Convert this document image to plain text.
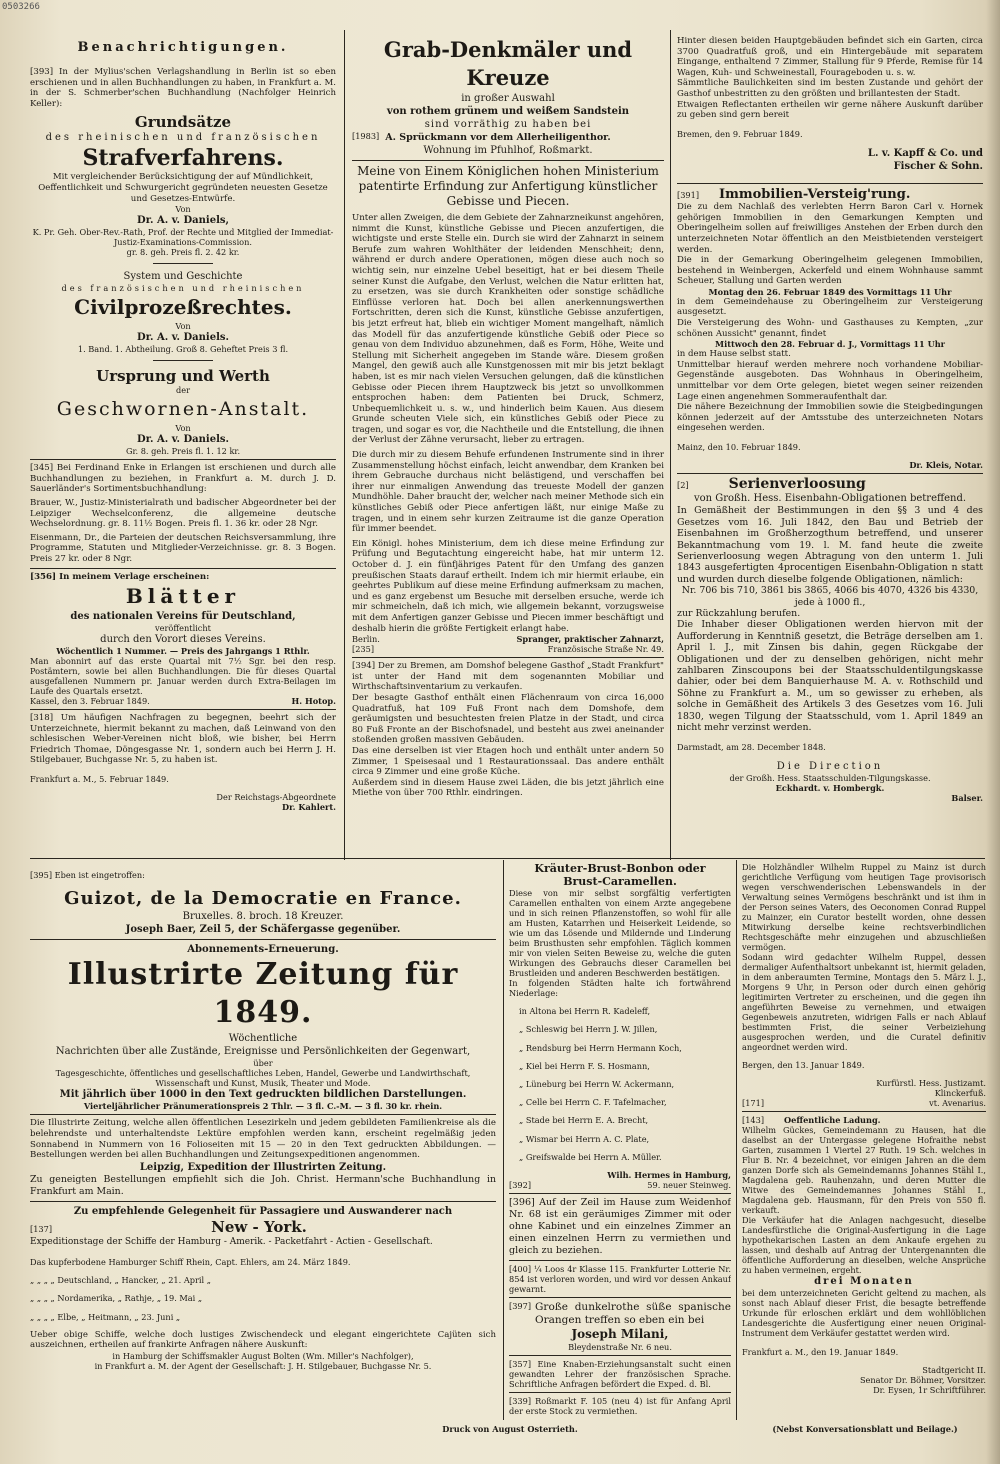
0503266

Benachrichtigungen.

[393] In der Mylius'schen Verlagshandlung in Berlin ist so eben erschienen und in allen Buchhandlungen zu haben, in Frankfurt a. M. in der S. Schmerber'schen Buchhandlung (Nachfolger Heinrich Keller):

Grundsätze

des rheinischen und französischen

Strafverfahrens.

Mit vergleichender Berücksichtigung der auf Mündlichkeit, Oeffentlichkeit und Schwurgericht gegründeten neuesten Gesetze und Gesetzes-Entwürfe.

Von

Dr. A. v. Daniels,

K. Pr. Geh. Ober-Rev.-Rath, Prof. der Rechte und Mitglied der Immediat-Justiz-Examinations-Commission.

gr. 8. geh. Preis fl. 2. 42 kr.

System und Geschichte

des französischen und rheinischen

Civilprozeßrechtes.

Von

Dr. A. v. Daniels.

1. Band. 1. Abtheilung. Groß 8. Geheftet Preis 3 fl.

Ursprung und Werth

der

Geschwornen-Anstalt.

Von

Dr. A. v. Daniels.

Gr. 8. geh. Preis fl. 1. 12 kr.

[345] Bei Ferdinand Enke in Erlangen ist erschienen und durch alle Buchhandlungen zu beziehen, in Frankfurt a. M. durch J. D. Sauerländer's Sortimentsbuchhandlung:

Brauer, W., Justiz-Ministerialrath und badischer Abgeordneter bei der Leipziger Wechselconferenz, die allgemeine deutsche Wechselordnung. gr. 8. 11½ Bogen. Preis fl. 1. 36 kr. oder 28 Ngr.

Eisenmann, Dr., die Parteien der deutschen Reichsversammlung, ihre Programme, Statuten und Mitglieder-Verzeichnisse. gr. 8. 3 Bogen. Preis 27 kr. oder 8 Ngr.

[356] In meinem Verlage erscheinen:

Blätter

des nationalen Vereins für Deutschland,

veröffentlicht

durch den Vorort dieses Vereins.

Wöchentlich 1 Nummer. — Preis des Jahrgangs 1 Rthlr.

Man abonnirt auf das erste Quartal mit 7½ Sgr. bei den resp. Postämtern, sowie bei allen Buchhandlungen. Die für dieses Quartal ausgefallenen Nummern pr. Januar werden durch Extra-Beilagen im Laufe des Quartals ersetzt.

Kassel, den 3. Februar 1849.	H. Hotop.

[318] Um häufigen Nachfragen zu begegnen, beehrt sich der Unterzeichnete, hiermit bekannt zu machen, daß Leinwand von den schlesischen Weber-Vereinen nicht bloß, wie bisher, bei Herrn Friedrich Thomae, Döngesgasse Nr. 1, sondern auch bei Herrn J. H. Stilgebauer, Buchgasse Nr. 5, zu haben ist.

Frankfurt a. M., 5. Februar 1849.

Der Reichstags-Abgeordnete

Dr. Kahlert.

Grab-Denkmäler und Kreuze

in großer Auswahl

von rothem grünem und weißem Sandstein

sind vorräthig zu haben bei

[1983] A. Sprückmann vor dem Allerheiligenthor.

Wohnung im Pfuhlhof, Roßmarkt.

Meine von Einem Königlichen hohen Ministerium patentirte Erfindung zur Anfertigung künstlicher Gebisse und Piecen.

Unter allen Zweigen, die dem Gebiete der Zahnarzneikunst angehören, nimmt die Kunst, künstliche Gebisse und Piecen anzufertigen, die wichtigste und erste Stelle ein. Durch sie wird der Zahnarzt in seinem Berufe zum wahren Wohlthäter der leidenden Menschheit; denn, während er durch andere Operationen, mögen diese auch noch so wichtig sein, nur einzelne Uebel beseitigt, hat er bei diesem Theile seiner Kunst die Aufgabe, den Verlust, welchen die Natur erlitten hat, zu ersetzen, was sie durch Krankheiten oder sonstige schädliche Einflüsse verloren hat. Doch bei allen anerkennungswerthen Fortschritten, deren sich die Kunst, künstliche Gebisse anzufertigen, bis jetzt erfreut hat, blieb ein wichtiger Moment mangelhaft, nämlich das Modell für das anzufertigende künstliche Gebiß oder Piece so genau von dem Individuo abzunehmen, daß es Form, Höhe, Weite und Stellung mit Sicherheit angegeben im Stande wäre. Diesem großen Mangel, den gewiß auch alle Kunstgenossen mit mir bis jetzt beklagt haben, ist es mir nach vielen Versuchen gelungen, daß die künstlichen Gebisse oder Piecen ihrem Hauptzweck bis jetzt so unvollkommen entsprochen haben: dem Patienten bei Druck, Schmerz, Unbequemlichkeit u. s. w., und hinderlich beim Kauen. Aus diesem Grunde scheuten Viele sich, ein künstliches Gebiß oder Piece zu tragen, und sogar es vor, die Nachtheile und die Entstellung, die ihnen der Verlust der Zähne verursacht, lieber zu ertragen.

Die durch mir zu diesem Behufe erfundenen Instrumente sind in ihrer Zusammenstellung höchst einfach, leicht anwendbar, dem Kranken bei ihrem Gebrauche durchaus nicht belästigend, und verschaffen bei ihrer nur einmaligen Anwendung das treueste Modell der ganzen Mundhöhle. Daher braucht der, welcher nach meiner Methode sich ein künstliches Gebiß oder Piece anfertigen läßt, nur einige Maße zu tragen, und in einem sehr kurzen Zeitraume ist die ganze Operation für immer beendet.

Ein Königl. hohes Ministerium, dem ich diese meine Erfindung zur Prüfung und Begutachtung eingereicht habe, hat mir unterm 12. October d. J. ein fünfjähriges Patent für den Umfang des ganzen preußischen Staats darauf ertheilt. Indem ich mir hiermit erlaube, ein geehrtes Publikum auf diese meine Erfindung aufmerksam zu machen, und es ganz ergebenst um Besuche mit derselben ersuche, werde ich mir schmeicheln, daß ich mich, wie allgemein bekannt, vorzugsweise mit dem Anfertigen ganzer Gebisse und Piecen immer beschäftigt und deshalb hierin die größte Fertigkeit erlangt habe.

Berlin.	Spranger, praktischer Zahnarzt,
[235]	Französische Straße Nr. 49.

[394] Der zu Bremen, am Domshof belegene Gasthof „Stadt Frankfurt" ist unter der Hand mit dem sogenannten Mobiliar und Wirthschaftsinventarium zu verkaufen.

Der besagte Gasthof enthält einen Flächenraum von circa 16,000 Quadratfuß, hat 109 Fuß Front nach dem Domshofe, dem geräumigsten und besuchtesten freien Platze in der Stadt, und circa 80 Fuß Fronte an der Bischofsnadel, und besteht aus zwei aneinander stoßenden großen massiven Gebäuden.

Das eine derselben ist vier Etagen hoch und enthält unter andern 50 Zimmer, 1 Speisesaal und 1 Restaurationssaal. Das andere enthält circa 9 Zimmer und eine große Küche.

Außerdem sind in diesem Hause zwei Läden, die bis jetzt jährlich eine Miethe von über 700 Rthlr. eindringen.

Hinter diesen beiden Hauptgebäuden befindet sich ein Garten, circa 3700 Quadratfuß groß, und ein Hintergebäude mit separatem Eingange, enthaltend 7 Zimmer, Stallung für 9 Pferde, Remise für 14 Wagen, Kuh- und Schweinestall, Fourageboden u. s. w.

Sämmtliche Baulichkeiten sind im besten Zustande und gehört der Gasthof unbestritten zu den größten und brillantesten der Stadt.

Etwaigen Reflectanten ertheilen wir gerne nähere Auskunft darüber zu geben sind gern bereit

Bremen, den 9. Februar 1849.

L. v. Kapff & Co. und

Fischer & Sohn.

[391] Immobilien-Versteig'rung.

Die zu dem Nachlaß des verlebten Herrn Baron Carl v. Hornek gehörigen Immobilien in den Gemarkungen Kempten und Oberingelheim sollen auf freiwilliges Anstehen der Erben durch den unterzeichneten Notar öffentlich an den Meistbietenden versteigert werden.

Die in der Gemarkung Oberingelheim gelegenen Immobilien, bestehend in Weinbergen, Ackerfeld und einem Wohnhause sammt Scheuer, Stallung und Garten werden

Montag den 26. Februar 1849 des Vormittags 11 Uhr

in dem Gemeindehause zu Oberingelheim zur Versteigerung ausgesetzt.

Die Versteigerung des Wohn- und Gasthauses zu Kempten, „zur schönen Aussicht" genannt, findet

Mittwoch den 28. Februar d. J., Vormittags 11 Uhr

in dem Hause selbst statt.

Unmittelbar hierauf werden mehrere noch vorhandene Mobiliar-Gegenstände ausgeboten. Das Wohnhaus in Oberingelheim, unmittelbar vor dem Orte gelegen, bietet wegen seiner reizenden Lage einen angenehmen Sommeraufenthalt dar.

Die nähere Bezeichnung der Immobilien sowie die Steigbedingungen können jederzeit auf der Amtsstube des unterzeichneten Notars eingesehen werden.

Mainz, den 10. Februar 1849.

Dr. Kleis, Notar.

[2]	Serienverloosung

von Großh. Hess. Eisenbahn-Obligationen betreffend.

In Gemäßheit der Bestimmungen in den §§ 3 und 4 des Gesetzes vom 16. Juli 1842, den Bau und Betrieb der Eisenbahnen im Großherzogthum betreffend, und unserer Bekanntmachung vom 19. l. M. fand heute die zweite Serienverloosung wegen Abtragung von den unterm 1. Juli 1843 ausgefertigten 4procentigen Eisenbahn-Obligation n statt und wurden durch dieselbe folgende Obligationen, nämlich:

Nr. 706 bis 710, 3861 bis 3865, 4066 bis 4070, 4326 bis 4330, jede à 1000 fl.,

zur Rückzahlung berufen.

Die Inhaber dieser Obligationen werden hiervon mit der Aufforderung in Kenntniß gesetzt, die Beträge derselben am 1. April l. J., mit Zinsen bis dahin, gegen Rückgabe der Obligationen und der zu denselben gehörigen, nicht mehr zahlbaren Zinscoupons bei der Staatsschuldentilgungskasse dahier, oder bei dem Banquierhause M. A. v. Rothschild und Söhne zu Frankfurt a. M., um so gewisser zu erheben, als solche in Gemäßheit des Artikels 3 des Gesetzes vom 16. Juli 1830, wegen Tilgung der Staatsschuld, vom 1. April 1849 an nicht mehr verzinst werden.

Darmstadt, am 28. December 1848.

Die Direction

der Großh. Hess. Staatsschulden-Tilgungskasse.

Eckhardt. v. Hombergk.

Balser.

[395] Eben ist eingetroffen:

Guizot, de la Democratie en France.

Bruxelles. 8. broch. 18 Kreuzer.

Joseph Baer, Zeil 5, der Schäfergasse gegenüber.

Abonnements-Erneuerung.

Illustrirte Zeitung für 1849.

Wöchentliche

Nachrichten über alle Zustände, Ereignisse und Persönlichkeiten der Gegenwart,

über

Tagesgeschichte, öffentliches und gesellschaftliches Leben, Handel, Gewerbe und Landwirthschaft, Wissenschaft und Kunst, Musik, Theater und Mode.

Mit jährlich über 1000 in den Text gedruckten bildlichen Darstellungen.

Vierteljährlicher Pränumerationspreis 2 Thlr. — 3 fl. C.-M. — 3 fl. 30 kr. rhein.

Die Illustrirte Zeitung, welche allen öffentlichen Lesezirkeln und jedem gebildeten Familienkreise als die belehrendste und unterhaltendste Lektüre empfohlen werden kann, erscheint regelmäßig jeden Sonnabend in Nummern von 16 Folioseiten mit 15 — 20 in den Text gedruckten Abbildungen. — Bestellungen werden bei allen Buchhandlungen und Zeitungsexpeditionen angenommen.

Leipzig, Expedition der Illustrirten Zeitung.

Zu geneigten Bestellungen empfiehlt sich die Joh. Christ. Hermann'sche Buchhandlung in Frankfurt am Main.

Zu empfehlende Gelegenheit für Passagiere und Auswanderer nach

[137]	New - York.

Expeditionstage der Schiffe der Hamburg - Amerik. - Packetfahrt - Actien - Gesellschaft.

Das kupferbodene Hamburger Schiff Rhein, Capt. Ehlers, am 24. März 1849.

„ „ „ „ Deutschland, „ Hancker, „ 21. April „

„ „ „ „ Nordamerika, „ Rathje, „ 19. Mai „

„ „ „ „ Elbe, „ Heitmann, „ 23. Juni „

Ueber obige Schiffe, welche doch lustiges Zwischendeck und elegant eingerichtete Cajüten sich auszeichnen, ertheilen auf frankirte Anfragen nähere Auskunft:

in Hamburg der Schiffsmakler August Bolten (Wm. Miller's Nachfolger),

in Frankfurt a. M. der Agent der Gesellschaft: J. H. Stilgebauer, Buchgasse Nr. 5.

Kräuter-Brust-Bonbon oder

Brust-Caramellen.

Diese von mir selbst sorgfältig verfertigten Caramellen enthalten von einem Arzte angegebene und in sich reinen Pflanzenstoffen, so wohl für alle am Husten, Katarrhen und Heiserkeit Leidende, so wie um das Lösende und Mildernde und Linderung beim Brusthusten sehr empfohlen. Täglich kommen mir von vielen Seiten Beweise zu, welche die guten Wirkungen des Gebrauchs dieser Caramellen bei Brustleiden und anderen Beschwerden bestätigen.

In folgenden Städten halte ich fortwährend Niederlage:

in Altona bei Herrn R. Kadeleff,

„ Schleswig bei Herrn J. W. Jillen,

„ Rendsburg bei Herrn Hermann Koch,

„ Kiel bei Herrn F. S. Hosmann,

„ Lüneburg bei Herrn W. Ackermann,

„ Celle bei Herrn C. F. Tafelmacher,

„ Stade bei Herrn E. A. Brecht,

„ Wismar bei Herrn A. C. Plate,

„ Greifswalde bei Herrn A. Müller.

Wilh. Hermes in Hamburg,

[392]	59. neuer Steinweg.

[396] Auf der Zeil im Hause zum Weidenhof Nr. 68 ist ein geräumiges Zimmer mit oder ohne Kabinet und ein einzelnes Zimmer an einen einzelnen Herrn zu vermiethen und gleich zu beziehen.

[400] ¼ Loos 4r Klasse 115. Frankfurter Lotterie Nr. 854 ist verloren worden, und wird vor dessen Ankauf gewarnt.

[397] Große dunkelrothe süße spanische Orangen treffen so eben ein bei

Joseph Milani,

Bleydenstraße Nr. 6 neu.

[357] Eine Knaben-Erziehungsanstalt sucht einen gewandten Lehrer der französischen Sprache. Schriftliche Anfragen befördert die Exped. d. Bl.

[339] Roßmarkt F. 105 (neu 4) ist für Anfang April der erste Stock zu vermiethen.

Die Holzhändler Wilhelm Ruppel zu Mainz ist durch gerichtliche Verfügung vom heutigen Tage provisorisch wegen verschwenderischen Lebenswandels in der Verwaltung seines Vermögens beschränkt und ist ihm in der Person seines Vaters, des Oeconomen Conrad Ruppel zu Mainzer, ein Curator bestellt worden, ohne dessen Mitwirkung derselbe keine rechtsverbindlichen Rechtsgeschäfte mehr einzugehen und abzuschließen vermögen.

Sodann wird gedachter Wilhelm Ruppel, dessen dermaliger Aufenthaltsort unbekannt ist, hiermit geladen, in dem anberaumten Termine, Montags den 5. März l. J., Morgens 9 Uhr, in Person oder durch einen gehörig legitimirten Vertreter zu erscheinen, und die gegen ihn angeführten Beweise zu vernehmen, und etwaigen Gegenbeweis anzutreten, widrigen Falls er nach Ablauf bestimmten Frist, die seiner Verbeiziehung ausgesprochen werden, und die Curatel definitiv angeordnet werden wird.

Bergen, den 13. Januar 1849.

Kurfürstl. Hess. Justizamt.

Klinckerfuß.

[171]	vt. Avenarius.
[143] Oeffentliche Ladung.

Wilhelm Gückes, Gemeindemann zu Hausen, hat die daselbst an der Untergasse gelegene Hofraithe nebst Garten, zusammen 1 Viertel 27 Ruth. 19 Sch. welches in Flur B. Nr. 4 bezeichnet, vor einigen Jahren an die dem ganzen Dorfe sich als Gemeindemanns Johannes Stähl I., Magdalena geb. Rauhenzahn, und deren Mutter die Witwe des Gemeindemannes Johannes Stähl I., Magdalena geb. Hausmann, für den Preis von 550 fl. verkauft.

Die Verkäufer hat die Anlagen nachgesucht, dieselbe Landesfürstliche die Original-Ausfertigung in die Lage hypothekarischen Lasten an dem Ankaufe ergehen zu lassen, und deshalb auf Antrag der Untergenannten die öffentliche Aufforderung an dieselben, welche Ansprüche zu haben vermeinen, ergeht.

drei Monaten

bei dem unterzeichneten Gericht geltend zu machen, als sonst nach Ablauf dieser Frist, die besagte betreffende Urkunde für erloschen erklärt und dem wohllöblichen Landesgerichte die Ausfertigung einer neuen Original-Instrument dem Verkäufer gestattet werden wird.

Frankfurt a. M., den 19. Januar 1849.

Stadtgericht II.

Senator Dr. Böhmer, Vorsitzer.

Dr. Eysen, 1r Schriftführer.

Druck von August Osterrieth.	(Nebst Konversationsblatt und Beilage.)
